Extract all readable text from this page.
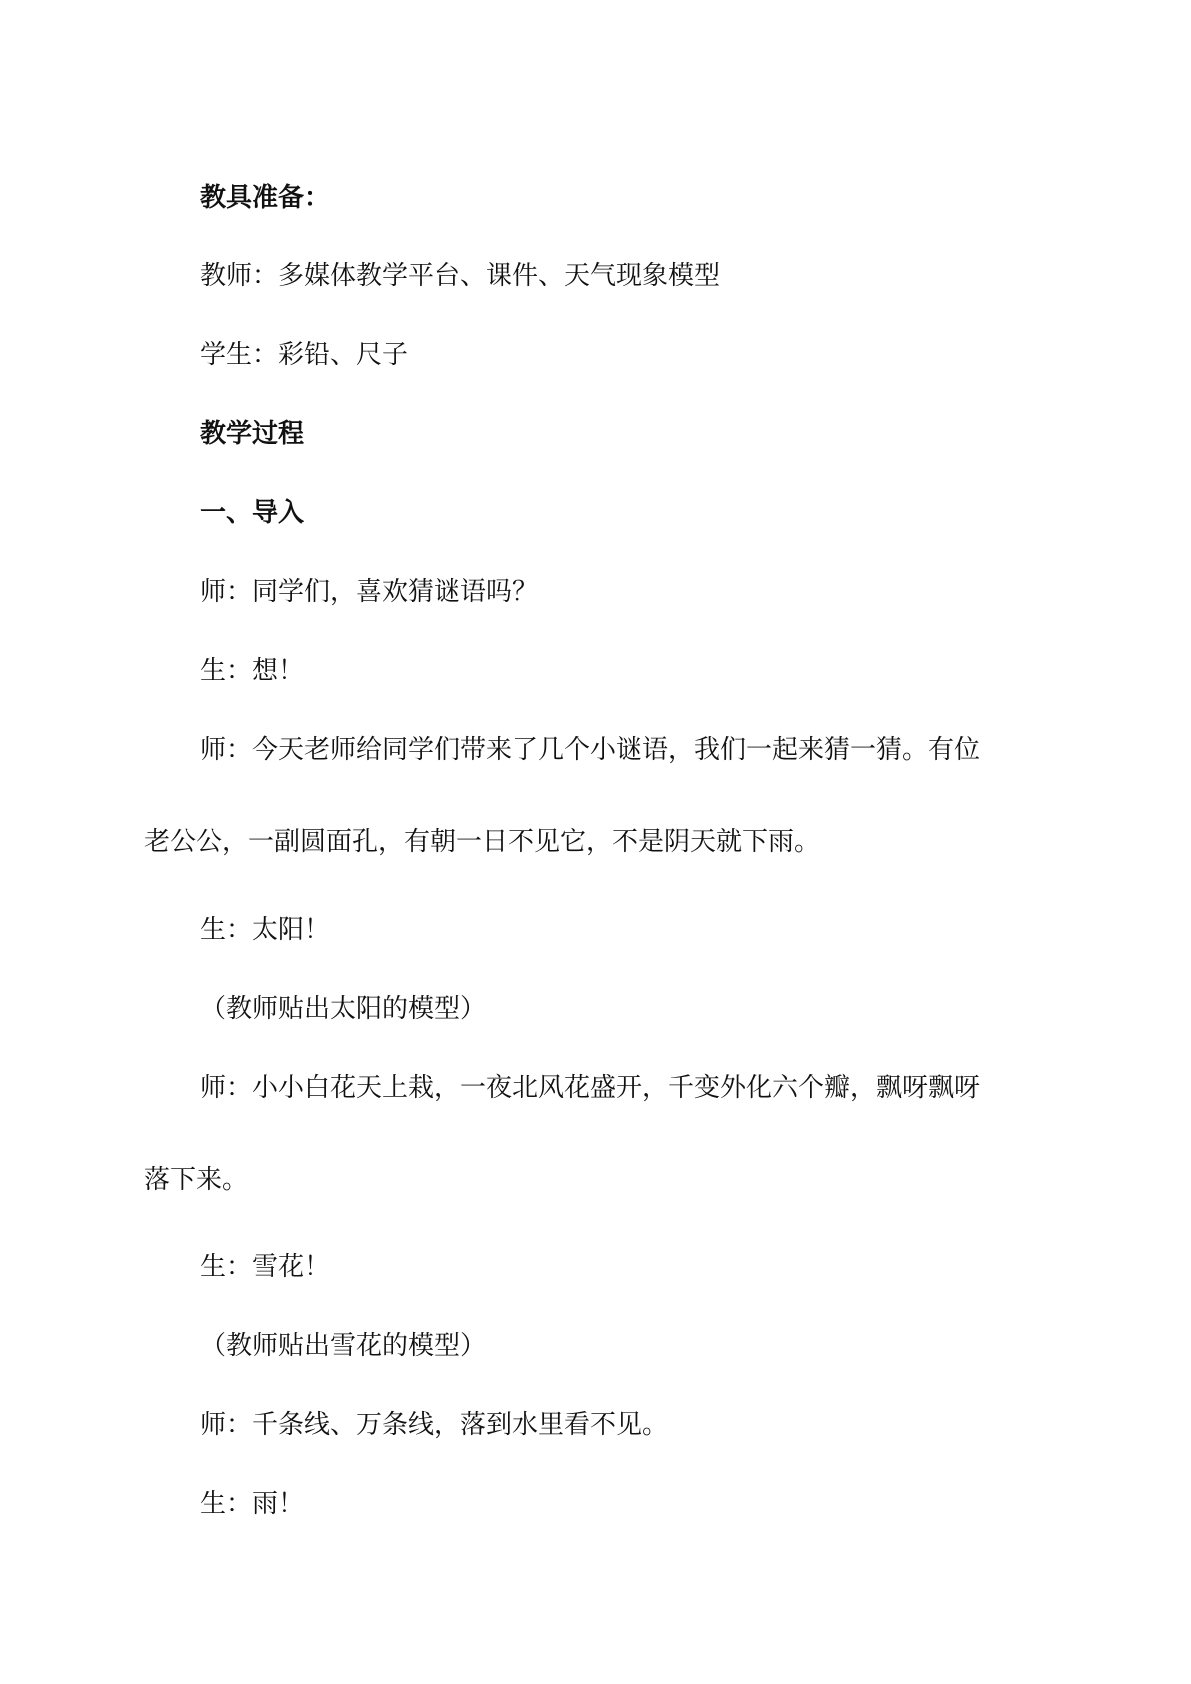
教具准备：

教师：多媒体教学平台、课件、天气现象模型

学生：彩铅、尺子

教学过程

一、导入

师：同学们，喜欢猜谜语吗？

生：想！

师：今天老师给同学们带来了几个小谜语，我们一起来猜一猜。有位

老公公，一副圆面孔，有朝一日不见它，不是阴天就下雨。

生：太阳！

（教师贴出太阳的模型）

师：小小白花天上栽，一夜北风花盛开，千变外化六个瓣，飘呀飘呀

落下来。

生：雪花！

（教师贴出雪花的模型）

师：千条线、万条线，落到水里看不见。

生：雨！
